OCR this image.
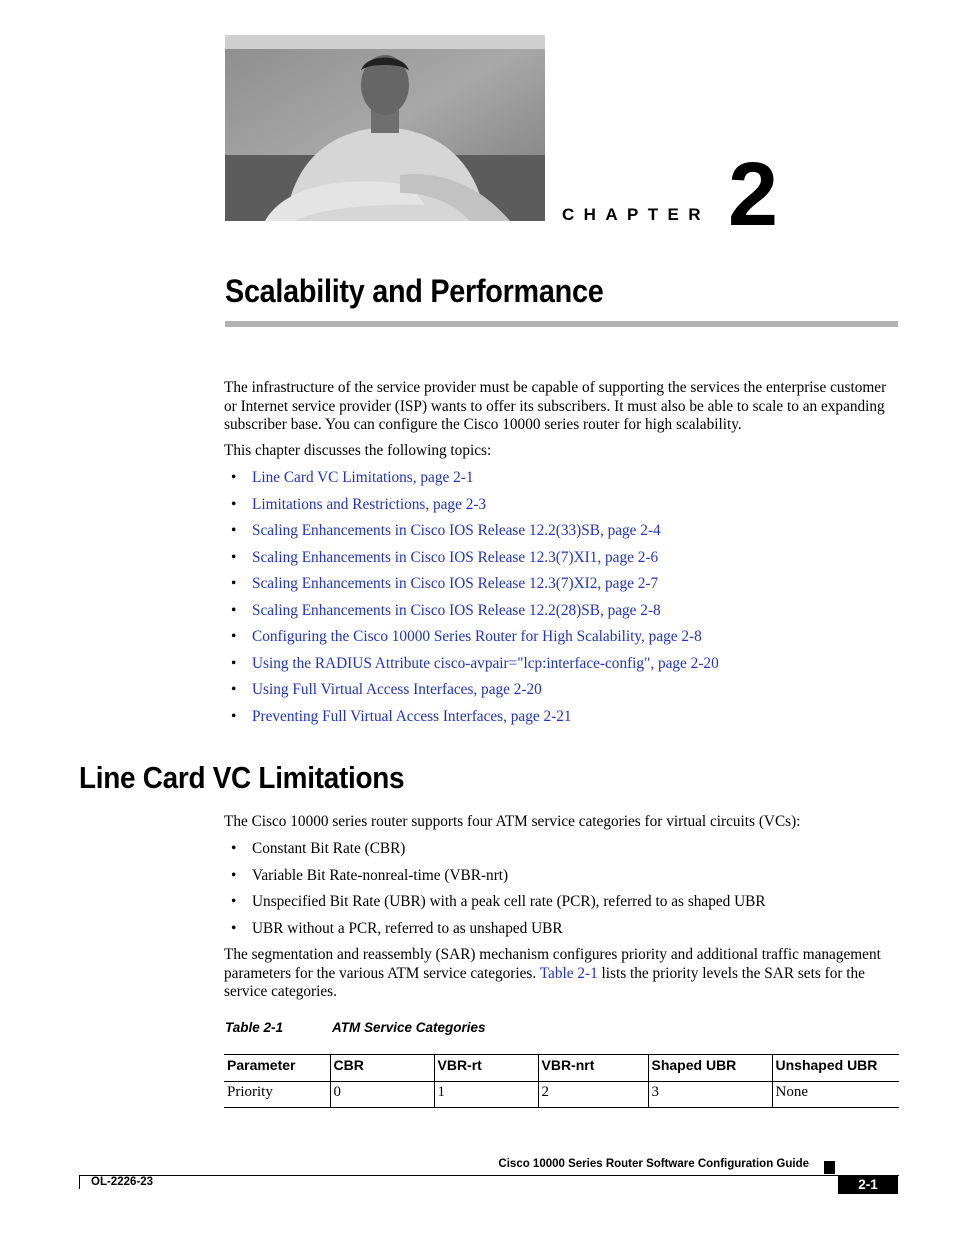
CHAPTER 2
Scalability and Performance
The infrastructure of the service provider must be capable of supporting the services the enterprise customer or Internet service provider (ISP) wants to offer its subscribers. It must also be able to scale to an expanding subscriber base. You can configure the Cisco 10000 series router for high scalability.
This chapter discusses the following topics:
• Line Card VC Limitations, page 2-1
• Limitations and Restrictions, page 2-3
• Scaling Enhancements in Cisco IOS Release 12.2(33)SB, page 2-4
• Scaling Enhancements in Cisco IOS Release 12.3(7)XI1, page 2-6
• Scaling Enhancements in Cisco IOS Release 12.3(7)XI2, page 2-7
• Scaling Enhancements in Cisco IOS Release 12.2(28)SB, page 2-8
• Configuring the Cisco 10000 Series Router for High Scalability, page 2-8
• Using the RADIUS Attribute cisco-avpair="lcp:interface-config", page 2-20
• Using Full Virtual Access Interfaces, page 2-20
• Preventing Full Virtual Access Interfaces, page 2-21
Line Card VC Limitations
The Cisco 10000 series router supports four ATM service categories for virtual circuits (VCs):
• Constant Bit Rate (CBR)
• Variable Bit Rate-nonreal-time (VBR-nrt)
• Unspecified Bit Rate (UBR) with a peak cell rate (PCR), referred to as shaped UBR
• UBR without a PCR, referred to as unshaped UBR
The segmentation and reassembly (SAR) mechanism configures priority and additional traffic management parameters for the various ATM service categories. Table 2-1 lists the priority levels the SAR sets for the service categories.
Table 2-1	ATM Service Categories
Parameter	CBR	VBR-rt	VBR-nrt	Shaped UBR	Unshaped UBR
Priority	0	1	2	3	None
Cisco 10000 Series Router Software Configuration Guide
OL-2226-23	2-1
